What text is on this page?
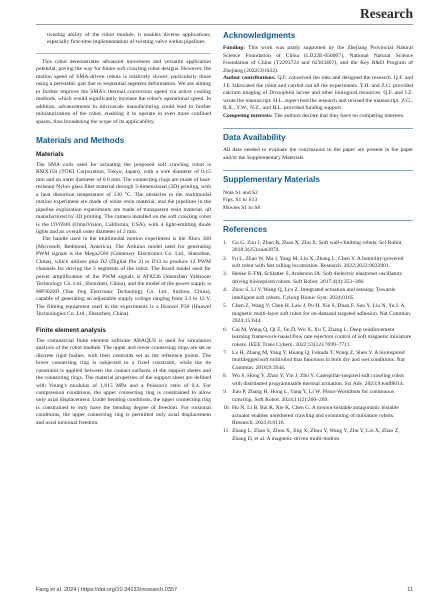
Research

twisting ability of the robot module, it enables diverse applications, especially first-time implementation of twisting valve within pipelines.

This robot demonstrates advanced movement and versatile application potential, paving the way for future soft crawling robot designs. However, the motion speed of SMA-driven robots is relatively slower, particularly those using a peristaltic gait due to sequential segment deformation. We are aiming to further improve the SMA's thermal convection speed via active cooling methods, which would significantly increase the robot's operational speed. In addition, advancements in microscale manufacturing could lead to further miniaturization of the robot, enabling it to operate in even more confined spaces, thus broadening the scope of its applicability.

Materials and Methods
Materials

The SMA coils used for actuating the proposed soft crawling robot is BMX150 (TOKI Corporation, Tokyo, Japan), with a wire diameter of 0.15 mm and an outer diameter of 0.6 mm. The connecting rings are made of heat-resistant Nylon glass fiber material through 3-dimensional (3D) printing, with a heat distortion temperature of 130 °C. The obstacles in the multimodal motion experiment are made of white resin material, and the pipelines in the pipeline exploration experiments are made of transparent resin material, all manufactured by 3D printing. The camera installed on the soft crawling robot is the OV6946 (OmniVision, California, USA), with 4 light-emitting diode lights and an overall outer diameter of 2 mm.

The handle used in the multimodal motion experiment is the Xbox 360 (Microsoft, Redmond, America). The Arduino model used for generating PWM signals is the Mega2560 (Centenary Electronics Co. Ltd., Shenzhen, China), which utilizes pins D2 (Digital Pin 2) to D13 to produce 12 PWM channels for driving the 3 segments of the robot. The board model used for power amplification of the PWM signals is AT8236 (Shenzhen Yahboom Technology Co. Ltd., Shenzhen, China), and the model of the power supply is MP3020D (Yan Jing Electronic Technology Co. Ltd., Suzhou, China), capable of generating an adjustable supply voltage ranging from 3.3 to 12 V. The filming equipment used in the experiments is a Huawei P30 (Huawei Technologies Co. Ltd., Shenzhen, China).

Finite element analysis

The commercial finite element software ABAQUS is used for simulation analysis of the robot module. The upper and lower connecting rings are set as discrete rigid bodies, with their centroids set as the reference points. The lower connecting ring is subjected to a fixed constraint, while the tie constraint is applied between the contact surfaces of the support sheets and the connecting rings. The material properties of the support sheet are defined with Young's modulus of 1,615 MPa and a Poisson's ratio of 0.4. For compression conditions, the upper connecting ring is constrained to allow only axial displacement. Under bending conditions, the upper connecting ring is constrained to only have the bending degree of freedom. For torsional conditions, the upper connecting ring is permitted only axial displacement and axial torsional freedom.

Acknowledgments

Funding: This work was partly supported by the Zhejiang Provincial Natural Science Foundation of China (LD22E-050007), National Natural Science Foundation of China (T2293724 and 62303407), and the Key R&D Program of Zhejiang (2022C01022).

Author contributions: Q.F. conceived the idea and designed the research. Q.F. and J.F. fabricated the robot and carried out all the experiments. Y.H. and Z.G. provided calcium imaging of Drosophila larvae and other biological resources. Q.F. and J.Z. wrote the manuscript. H.L. supervised the research and revised the manuscript. Z.G., R.X., Y.W., N.Z., and H.L. provided funding support.

Competing interests: The authors declare that they have no competing interests.

Data Availability

All data needed to evaluate the conclusions in the paper are present in the paper and/or the Supplementary Materials.

Supplementary Materials

Note S1 and S2

Figs. S1 to S13

Movies S1 to S8

References
1. Gu G, Zou J, Zhao R, Zhao X, Zhu X. Soft wall-climbing robots. Sci Robot. 2018;3(25):eaat2874.
2. Fu L, Zhao W, Ma J, Yang M, Liu X, Zhang L, Chen Y. A humidity-powered soft robot with fast rolling locomotion. Research. 2022;2022:9832901.
3. Henke E-FM, Schlatter S, Anderson IA. Soft dielectric elastomer oscillators driving bioinspired robots. Soft Robot. 2017;4(4):353–366.
4. Zhou S, Li Y, Wang Q, Lyu Z. Integrated actuation and sensing: Towards intelligent soft robots. Cyborg Bionic Syst. 2024;0105.
5. Chen Z, Wang Y, Chen H, Law J, Pu H, Xie S, Duan F, Sun Y, Liu N, Yu J. A magnetic multi-layer soft robot for on-demand targeted adhesion. Nat Commun. 2024;15:644.
6. Cai M, Wang Q, Qi Z, Jin D, Wu X, Xu T, Zhang L. Deep reinforcement learning framework-based flow rate rejection control of soft magnetic miniature robots. IEEE Trans Cybern. 2022;53(12):7699–7711.
7. Lu H, Zhang M, Yang Y, Huang Q, Fukuda T, Wang Z, Shen Y. A bioinspired multilegged soft millirobot that functions in both dry and wet conditions. Nat Commun. 2018;9:3944.
8. Wu S, Hong Y, Zhao Y, Yin J, Zhu Y. Caterpillar-inspired soft crawling robot with distributed programmable thermal actuation. Sci Adv. 2023;9:eadf8014.
9. Jiao P, Zhang H, Hong L, Yang Y, Li W. Piezo-Wormbots for continuous crawling. Soft Robot. 2024;11(2):260–269.
10. Hu N, Li B, Bai R, Xie K, Chen G. A torsion-bistable antagonistic bistable actuator enables untethered crawling and swimming of miniature robots. Research. 2023;6:0116.
11. Zhang L, Zhao S, Zhou X, Jing X, Zhou Y, Wang Y, Zhu Y, Liu X, Zhao Z, Zhang D, et al. A magnetic-driven multi-motion
Fang et al. 2024 | https://doi.org/10.34133/research.0357	11
